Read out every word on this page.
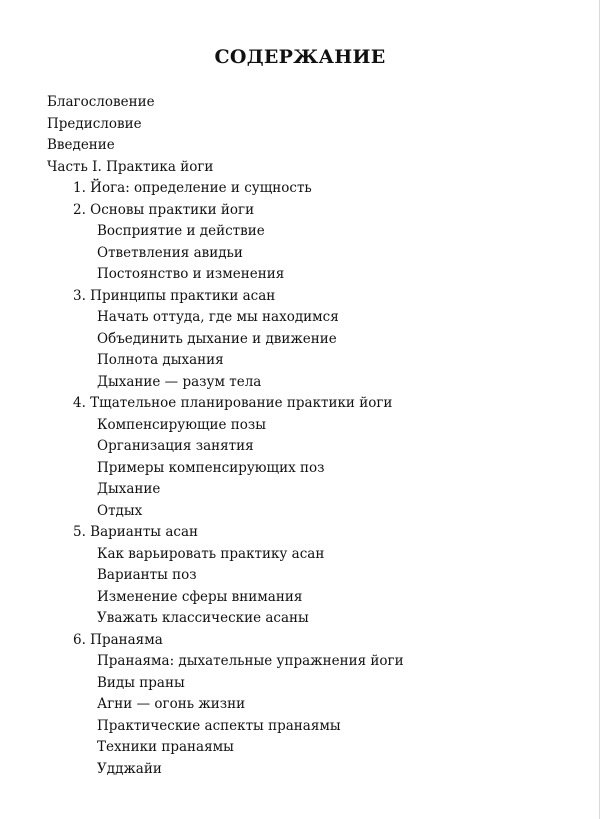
СОДЕРЖАНИЕ
Благословение
Предисловие
Введение
Часть I. Практика йоги
1. Йога: определение и сущность
2. Основы практики йоги
Восприятие и действие
Ответвления авидьи
Постоянство и изменения
3. Принципы практики асан
Начать оттуда, где мы находимся
Объединить дыхание и движение
Полнота дыхания
Дыхание — разум тела
4. Тщательное планирование практики йоги
Компенсирующие позы
Организация занятия
Примеры компенсирующих поз
Дыхание
Отдых
5. Варианты асан
Как варьировать практику асан
Варианты поз
Изменение сферы внимания
Уважать классические асаны
6. Пранаяма
Пранаяма: дыхательные упражнения йоги
Виды праны
Агни — огонь жизни
Практические аспекты пранаямы
Техники пранаямы
Удджайи
